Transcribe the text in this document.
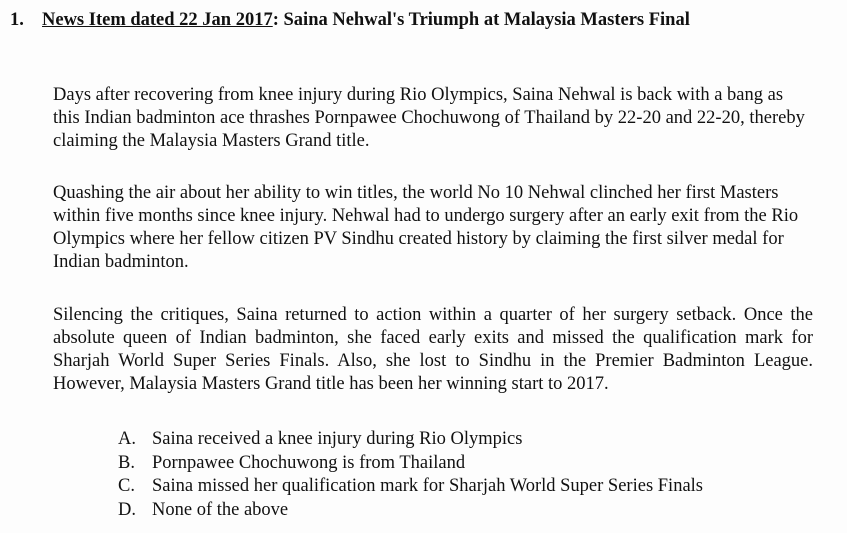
1. News Item dated 22 Jan 2017: Saina Nehwal's Triumph at Malaysia Masters Final

Days after recovering from knee injury during Rio Olympics, Saina Nehwal is back with a bang as this Indian badminton ace thrashes Pornpawee Chochuwong of Thailand by 22-20 and 22-20, thereby claiming the Malaysia Masters Grand title.

Quashing the air about her ability to win titles, the world No 10 Nehwal clinched her first Masters within five months since knee injury. Nehwal had to undergo surgery after an early exit from the Rio Olympics where her fellow citizen PV Sindhu created history by claiming the first silver medal for Indian badminton.

Silencing the critiques, Saina returned to action within a quarter of her surgery setback. Once the absolute queen of Indian badminton, she faced early exits and missed the qualification mark for Sharjah World Super Series Finals. Also, she lost to Sindhu in the Premier Badminton League. However, Malaysia Masters Grand title has been her winning start to 2017.

A. Saina received a knee injury during Rio Olympics
B. Pornpawee Chochuwong is from Thailand
C. Saina missed her qualification mark for Sharjah World Super Series Finals
D. None of the above
